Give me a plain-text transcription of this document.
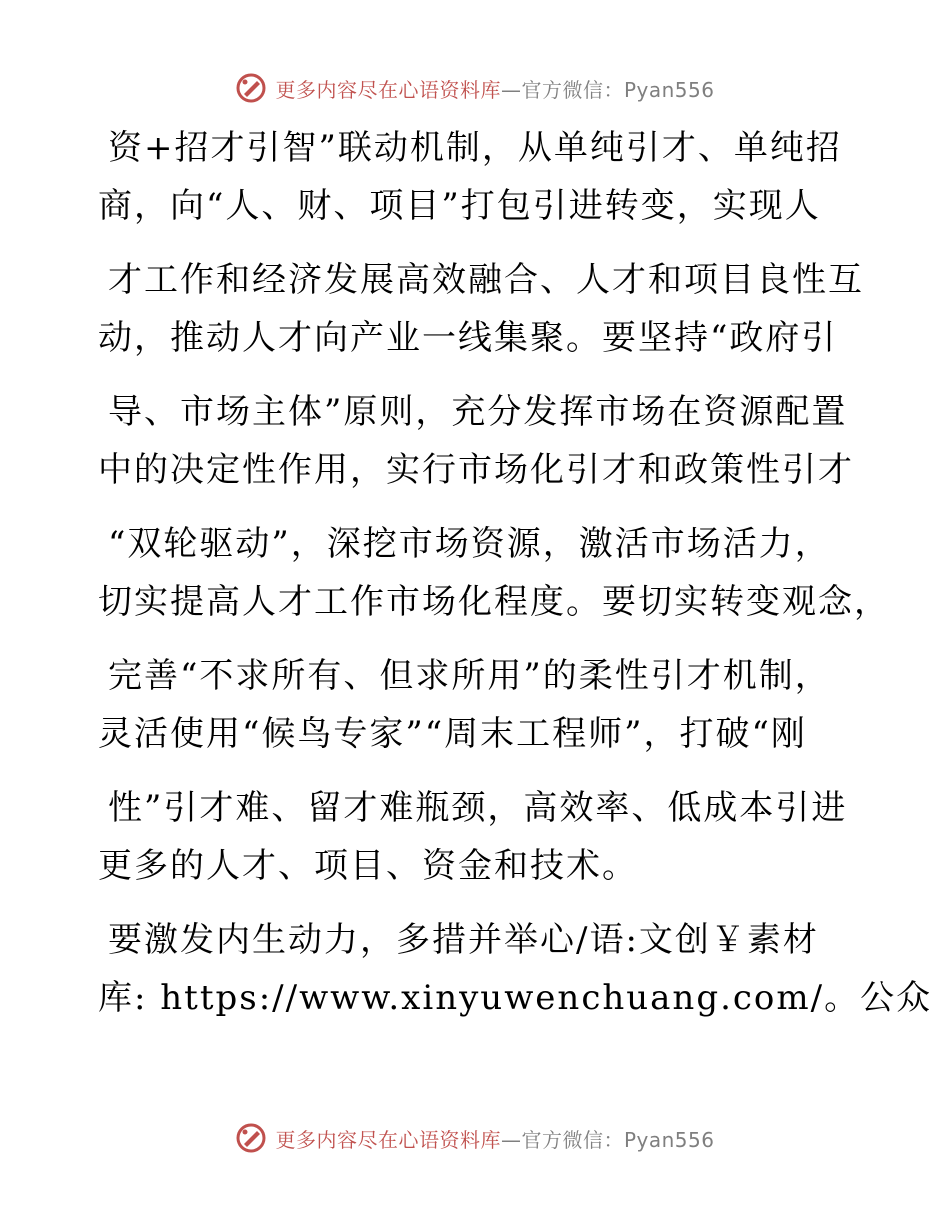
更多内容尽在心语资料库—官方微信：Pyan556
资+招才引智”联动机制，从单纯引才、单纯招
商，向“人、财、项目”打包引进转变，实现人
才工作和经济发展高效融合、人才和项目良性互
动，推动人才向产业一线集聚。要坚持“政府引
导、市场主体”原则，充分发挥市场在资源配置
中的决定性作用，实行市场化引才和政策性引才
“双轮驱动”，深挖市场资源，激活市场活力，
切实提高人才工作市场化程度。要切实转变观念，
完善“不求所有、但求所用”的柔性引才机制，
灵活使用“候鸟专家”“周末工程师”，打破“刚
性”引才难、留才难瓶颈，高效率、低成本引进
更多的人才、项目、资金和技术。
要激发内生动力，多措并举心/语:文创￥素材
库: https://www.xinyuwenchuang.com/。公众
更多内容尽在心语资料库—官方微信：Pyan556
